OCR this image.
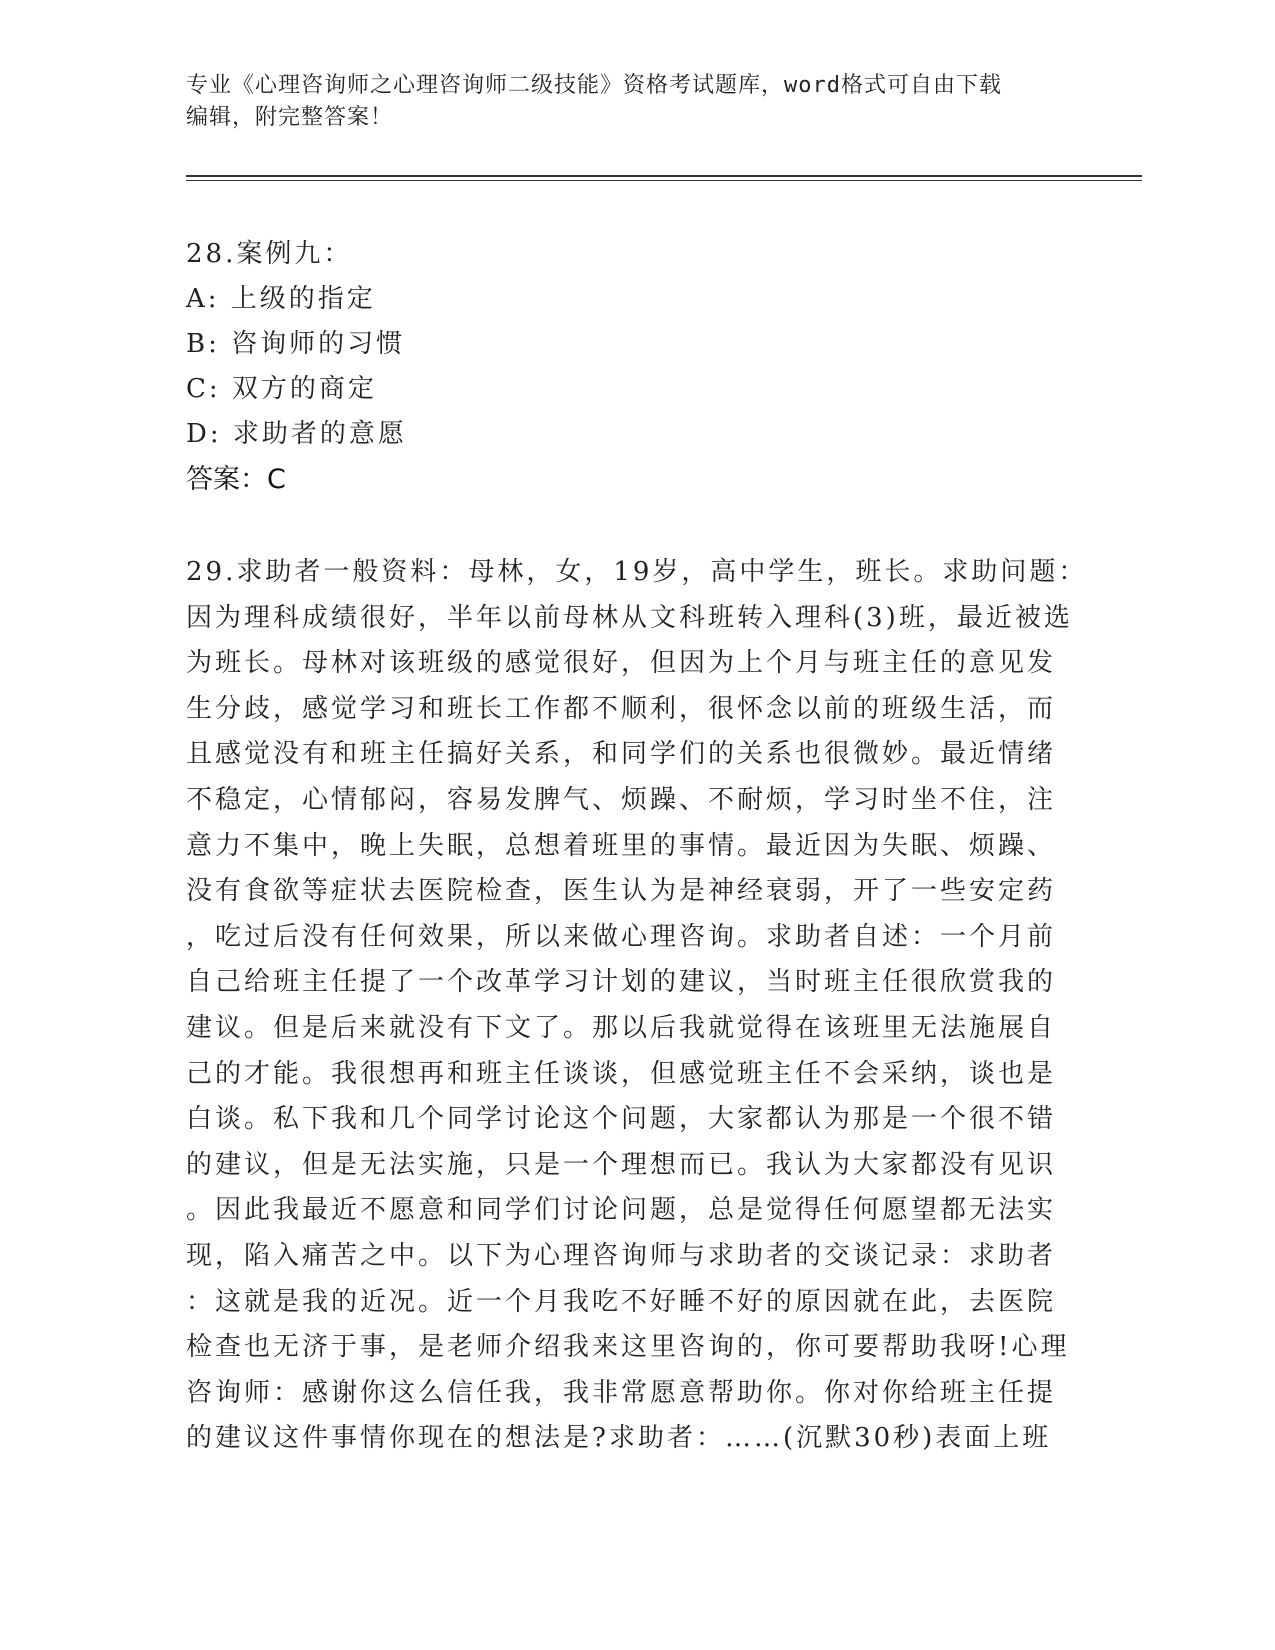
专业《心理咨询师之心理咨询师二级技能》资格考试题库，word格式可自由下载
编辑，附完整答案！

28.案例九：

A: 上级的指定

B: 咨询师的习惯

C: 双方的商定

D: 求助者的意愿

答案：C

29.求助者一般资料：母林，女，19岁，高中学生，班长。求助问题：

因为理科成绩很好，半年以前母林从文科班转入理科(3)班，最近被选

为班长。母林对该班级的感觉很好，但因为上个月与班主任的意见发

生分歧，感觉学习和班长工作都不顺利，很怀念以前的班级生活，而

且感觉没有和班主任搞好关系，和同学们的关系也很微妙。最近情绪

不稳定，心情郁闷，容易发脾气、烦躁、不耐烦，学习时坐不住，注

意力不集中，晚上失眠，总想着班里的事情。最近因为失眠、烦躁、

没有食欲等症状去医院检查，医生认为是神经衰弱，开了一些安定药

，吃过后没有任何效果，所以来做心理咨询。求助者自述：一个月前

自己给班主任提了一个改革学习计划的建议，当时班主任很欣赏我的

建议。但是后来就没有下文了。那以后我就觉得在该班里无法施展自

己的才能。我很想再和班主任谈谈，但感觉班主任不会采纳，谈也是

白谈。私下我和几个同学讨论这个问题，大家都认为那是一个很不错

的建议，但是无法实施，只是一个理想而已。我认为大家都没有见识

。因此我最近不愿意和同学们讨论问题，总是觉得任何愿望都无法实

现，陷入痛苦之中。以下为心理咨询师与求助者的交谈记录：求助者

：这就是我的近况。近一个月我吃不好睡不好的原因就在此，去医院

检查也无济于事，是老师介绍我来这里咨询的，你可要帮助我呀!心理

咨询师：感谢你这么信任我，我非常愿意帮助你。你对你给班主任提

的建议这件事情你现在的想法是?求助者：……(沉默30秒)表面上班
